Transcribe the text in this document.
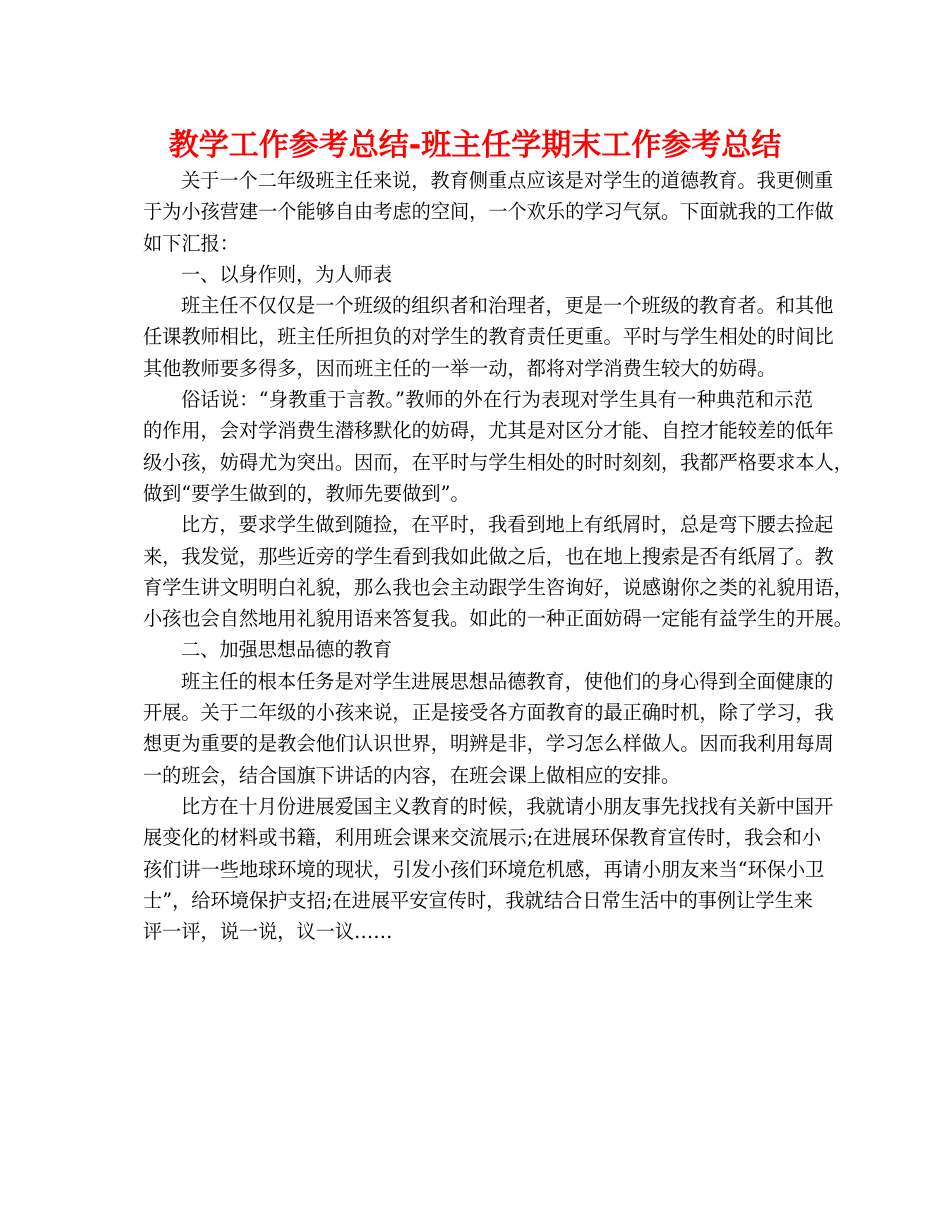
教学工作参考总结-班主任学期末工作参考总结
关于一个二年级班主任来说，教育侧重点应该是对学生的道德教育。我更侧重
于为小孩营建一个能够自由考虑的空间，一个欢乐的学习气氛。下面就我的工作做
如下汇报：
一、以身作则，为人师表
班主任不仅仅是一个班级的组织者和治理者，更是一个班级的教育者。和其他
任课教师相比，班主任所担负的对学生的教育责任更重。平时与学生相处的时间比
其他教师要多得多，因而班主任的一举一动，都将对学消费生较大的妨碍。
俗话说：“身教重于言教。”教师的外在行为表现对学生具有一种典范和示范
的作用，会对学消费生潜移默化的妨碍，尤其是对区分才能、自控才能较差的低年
级小孩，妨碍尤为突出。因而，在平时与学生相处的时时刻刻，我都严格要求本人，
做到“要学生做到的，教师先要做到”。
比方，要求学生做到随捡，在平时，我看到地上有纸屑时，总是弯下腰去捡起
来，我发觉，那些近旁的学生看到我如此做之后，也在地上搜索是否有纸屑了。教
育学生讲文明明白礼貌，那么我也会主动跟学生咨询好，说感谢你之类的礼貌用语，
小孩也会自然地用礼貌用语来答复我。如此的一种正面妨碍一定能有益学生的开展。
二、加强思想品德的教育
班主任的根本任务是对学生进展思想品德教育，使他们的身心得到全面健康的
开展。关于二年级的小孩来说，正是接受各方面教育的最正确时机，除了学习，我
想更为重要的是教会他们认识世界，明辨是非，学习怎么样做人。因而我利用每周
一的班会，结合国旗下讲话的内容，在班会课上做相应的安排。
比方在十月份进展爱国主义教育的时候，我就请小朋友事先找找有关新中国开
展变化的材料或书籍，利用班会课来交流展示;在进展环保教育宣传时，我会和小
孩们讲一些地球环境的现状，引发小孩们环境危机感，再请小朋友来当“环保小卫
士”，给环境保护支招;在进展平安宣传时，我就结合日常生活中的事例让学生来
评一评，说一说，议一议……
